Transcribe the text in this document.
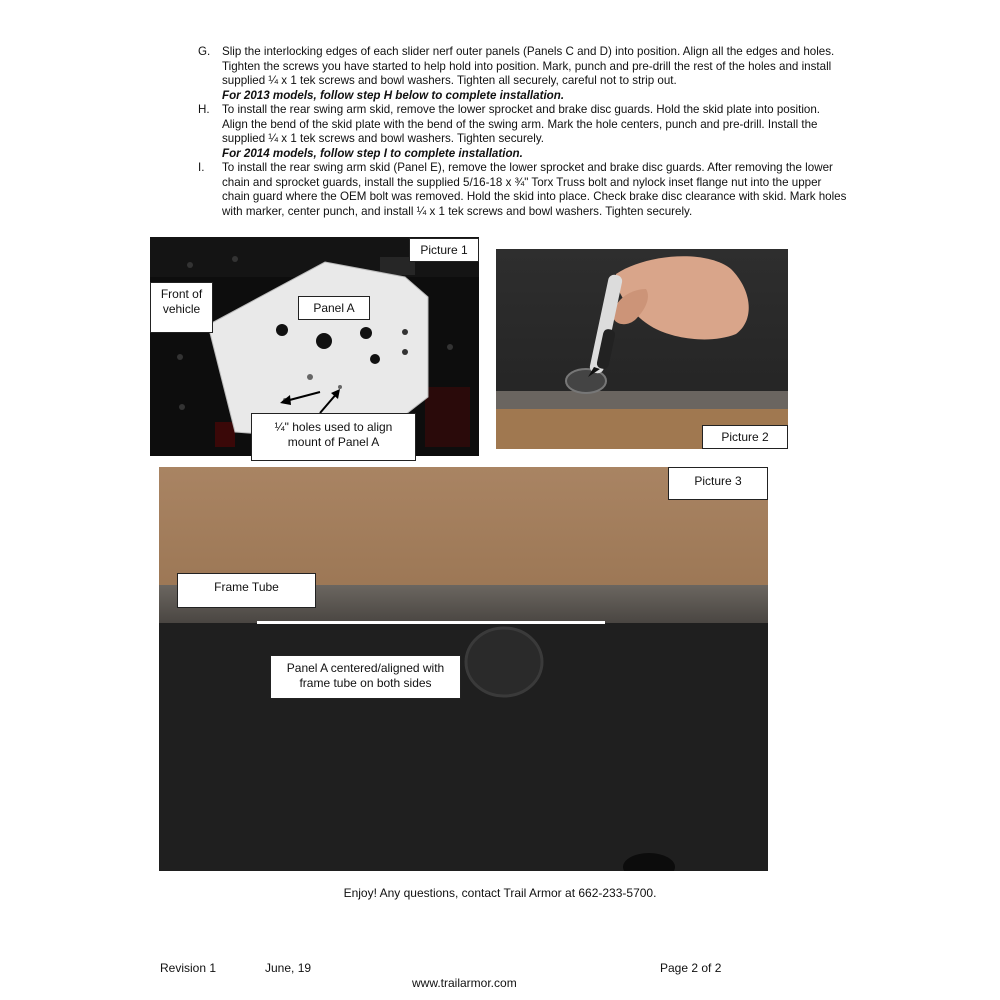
G.	Slip the interlocking edges of each slider nerf outer panels (Panels C and D) into position. Align all the edges and holes. Tighten the screws you have started to help hold into position. Mark, punch and pre-drill the rest of the holes and install supplied ¼ x 1 tek screws and bowl washers. Tighten all securely, careful not to strip out.
For 2013 models, follow step H below to complete installation.
H.	To install the rear swing arm skid, remove the lower sprocket and brake disc guards. Hold the skid plate into position. Align the bend of the skid plate with the bend of the swing arm. Mark the hole centers, punch and pre-drill. Install the supplied ¼ x 1 tek screws and bowl washers. Tighten securely.
For 2014 models, follow step I to complete installation.
I.	To install the rear swing arm skid (Panel E), remove the lower sprocket and brake disc guards. After removing the lower chain and sprocket guards, install the supplied 5/16-18 x ¾" Torx Truss bolt and nylock inset flange nut into the upper chain guard where the OEM bolt was removed. Hold the skid into place. Check brake disc clearance with skid. Mark holes with marker, center punch, and install ¼ x 1 tek screws and bowl washers. Tighten securely.
Picture 1
Front of vehicle	Panel A
¼" holes used to align mount of Panel A	Picture 2
Picture 3
Frame Tube
Panel A centered/aligned with frame tube on both sides
Enjoy! Any questions, contact Trail Armor at 662-233-5700.
Revision 1	June, 19	Page 2 of 2
www.trailarmor.com
